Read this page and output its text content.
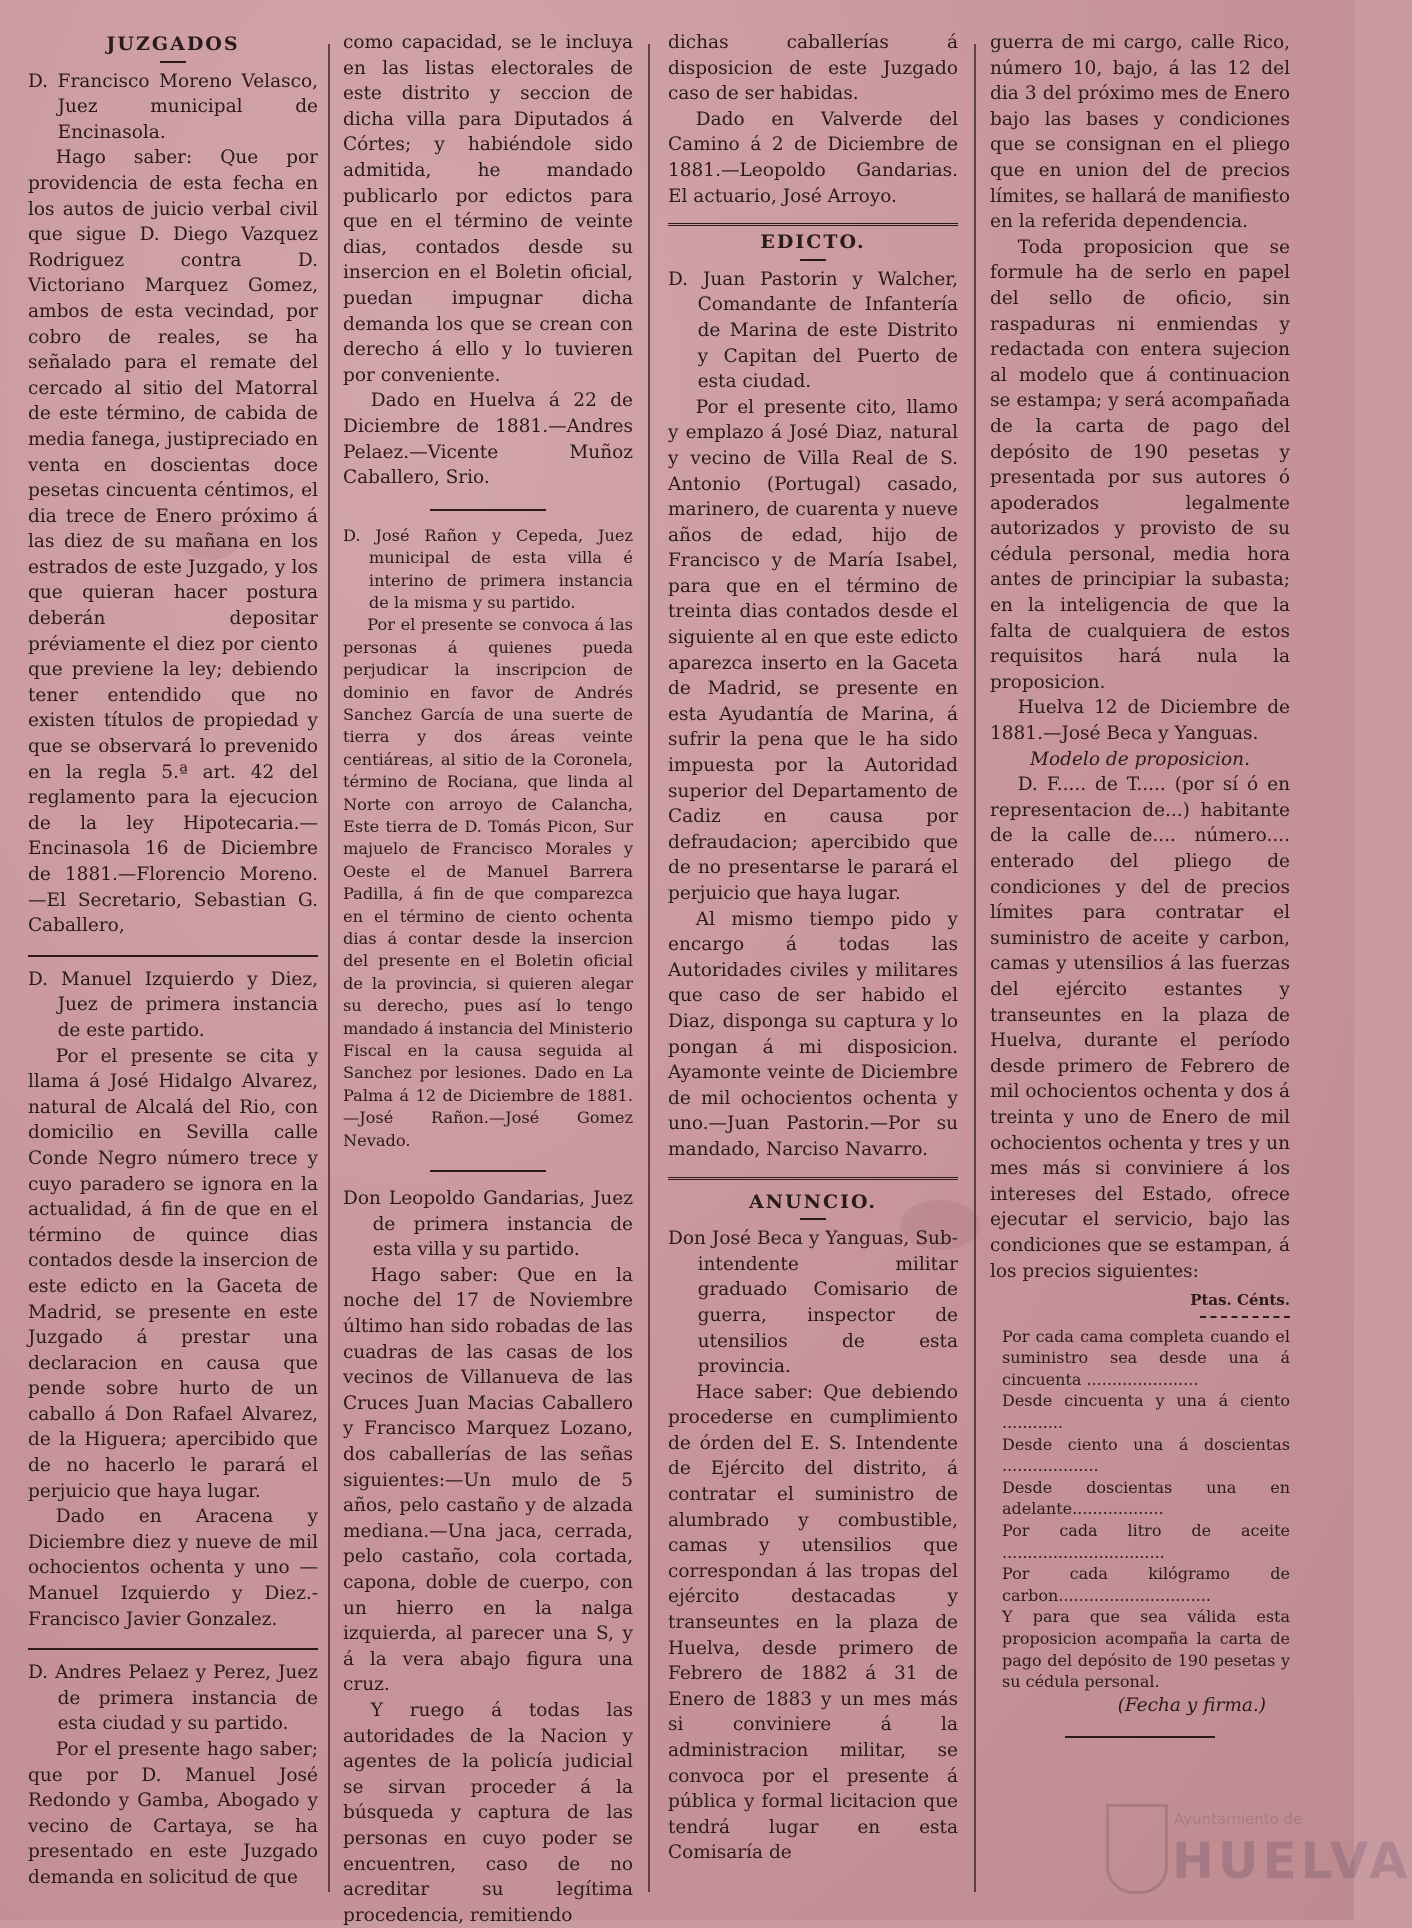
JUZGADOS
D. Francisco Moreno Velasco, Juez municipal de Encinasola.

Hago saber: Que por providencia de esta fecha en los autos de juicio verbal civil que sigue D. Diego Vazquez Rodriguez contra D. Victoriano Marquez Gomez, ambos de esta vecindad, por cobro de reales, se ha señalado para el remate del cercado al sitio del Matorral de este término, de cabida de media fanega, justipreciado en venta en doscientas doce pesetas cincuenta céntimos, el dia trece de Enero próximo á las diez de su mañana en los estrados de este Juzgado, y los que quieran hacer postura deberán depositar préviamente el diez por ciento que previene la ley; debiendo tener entendido que no existen títulos de propiedad y que se observará lo prevenido en la regla 5.ª art. 42 del reglamento para la ejecucion de la ley Hipotecaria.—Encinasola 16 de Diciembre de 1881.—Florencio Moreno.—El Secretario, Sebastian G. Caballero,

D. Manuel Izquierdo y Diez, Juez de primera instancia de este partido.

Por el presente se cita y llama á José Hidalgo Alvarez, natural de Alcalá del Rio, con domicilio en Sevilla calle Conde Negro número trece y cuyo paradero se ignora en la actualidad, á fin de que en el término de quince dias contados desde la insercion de este edicto en la Gaceta de Madrid, se presente en este Juzgado á prestar una declaracion en causa que pende sobre hurto de un caballo á Don Rafael Alvarez, de la Higuera; apercibido que de no hacerlo le parará el perjuicio que haya lugar.

Dado en Aracena y Diciembre diez y nueve de mil ochocientos ochenta y uno —Manuel Izquierdo y Diez.- Francisco Javier Gonzalez.

D. Andres Pelaez y Perez, Juez de primera instancia de esta ciudad y su partido.

Por el presente hago saber; que por D. Manuel José Redondo y Gamba, Abogado y vecino de Cartaya, se ha presentado en este Juzgado demanda en solicitud de que

como capacidad, se le incluya en las listas electorales de este distrito y seccion de dicha villa para Diputados á Córtes; y habiéndole sido admitida, he mandado publicarlo por edictos para que en el término de veinte dias, contados desde su insercion en el Boletin oficial, puedan impugnar dicha demanda los que se crean con derecho á ello y lo tuvieren por conveniente.

Dado en Huelva á 22 de Diciembre de 1881.—Andres Pelaez.—Vicente Muñoz Caballero, Srio.

D. José Rañon y Cepeda, Juez municipal de esta villa é interino de primera instancia de la misma y su partido.

Por el presente se convoca á las personas á quienes pueda perjudicar la inscripcion de dominio en favor de Andrés Sanchez García de una suerte de tierra y dos áreas veinte centiáreas, al sitio de la Coronela, término de Rociana, que linda al Norte con arroyo de Calancha, Este tierra de D. Tomás Picon, Sur majuelo de Francisco Morales y Oeste el de Manuel Barrera Padilla, á fin de que comparezca en el término de ciento ochenta dias á contar desde la insercion del presente en el Boletin oficial de la provincia, si quieren alegar su derecho, pues así lo tengo mandado á instancia del Ministerio Fiscal en la causa seguida al Sanchez por lesiones. Dado en La Palma á 12 de Diciembre de 1881.—José Rañon.—José Gomez Nevado.

Don Leopoldo Gandarias, Juez de primera instancia de esta villa y su partido.

Hago saber: Que en la noche del 17 de Noviembre último han sido robadas de las cuadras de las casas de los vecinos de Villanueva de las Cruces Juan Macias Caballero y Francisco Marquez Lozano, dos caballerías de las señas siguientes:—Un mulo de 5 años, pelo castaño y de alzada mediana.—Una jaca, cerrada, pelo castaño, cola cortada, capona, doble de cuerpo, con un hierro en la nalga izquierda, al parecer una S, y á la vera abajo figura una cruz.

Y ruego á todas las autoridades de la Nacion y agentes de la policía judicial se sirvan proceder á la búsqueda y captura de las personas en cuyo poder se encuentren, caso de no acreditar su legítima procedencia, remitiendo

dichas caballerías á disposicion de este Juzgado caso de ser habidas.

Dado en Valverde del Camino á 2 de Diciembre de 1881.—Leopoldo Gandarias. El actuario, José Arroyo.

EDICTO.
D. Juan Pastorin y Walcher, Comandante de Infantería de Marina de este Distrito y Capitan del Puerto de esta ciudad.

Por el presente cito, llamo y emplazo á José Diaz, natural y vecino de Villa Real de S. Antonio (Portugal) casado, marinero, de cuarenta y nueve años de edad, hijo de Francisco y de María Isabel, para que en el término de treinta dias contados desde el siguiente al en que este edicto aparezca inserto en la Gaceta de Madrid, se presente en esta Ayudantía de Marina, á sufrir la pena que le ha sido impuesta por la Autoridad superior del Departamento de Cadiz en causa por defraudacion; apercibido que de no presentarse le parará el perjuicio que haya lugar.

Al mismo tiempo pido y encargo á todas las Autoridades civiles y militares que caso de ser habido el Diaz, disponga su captura y lo pongan á mi disposicion. Ayamonte veinte de Diciembre de mil ochocientos ochenta y uno.—Juan Pastorin.—Por su mandado, Narciso Navarro.

ANUNCIO.
Don José Beca y Yanguas, Sub-intendente militar graduado Comisario de guerra, inspector de utensilios de esta provincia.

Hace saber: Que debiendo procederse en cumplimiento de órden del E. S. Intendente de Ejército del distrito, á contratar el suministro de alumbrado y combustible, camas y utensilios que correspondan á las tropas del ejército destacadas y transeuntes en la plaza de Huelva, desde primero de Febrero de 1882 á 31 de Enero de 1883 y un mes más si conviniere á la administracion militar, se convoca por el presente á pública y formal licitacion que tendrá lugar en esta Comisaría de

guerra de mi cargo, calle Rico, número 10, bajo, á las 12 del dia 3 del próximo mes de Enero bajo las bases y condiciones que se consignan en el pliego que en union del de precios límites, se hallará de manifiesto en la referida dependencia.

Toda proposicion que se formule ha de serlo en papel del sello de oficio, sin raspaduras ni enmiendas y redactada con entera sujecion al modelo que á continuacion se estampa; y será acompañada de la carta de pago del depósito de 190 pesetas y presentada por sus autores ó apoderados legalmente autorizados y provisto de su cédula personal, media hora antes de principiar la subasta; en la inteligencia de que la falta de cualquiera de estos requisitos hará nula la proposicion.

Huelva 12 de Diciembre de 1881.—José Beca y Yanguas.

Modelo de proposicion.

D. F..... de T..... (por sí ó en representacion de...) habitante de la calle de.... número.... enterado del pliego de condiciones y del de precios límites para contratar el suministro de aceite y carbon, camas y utensilios á las fuerzas del ejército estantes y transeuntes en la plaza de Huelva, durante el período desde primero de Febrero de mil ochocientos ochenta y dos á treinta y uno de Enero de mil ochocientos ochenta y tres y un mes más si conviniere á los intereses del Estado, ofrece ejecutar el servicio, bajo las condiciones que se estampan, á los precios siguientes:

Ptas. Cénts.
Por cada cama completa cuando el suministro sea desde una á cincuenta ......................
Desde cincuenta y una á ciento ............
Desde ciento una á doscientas ...................
Desde doscientas una en adelante..................
Por cada litro de aceite ................................
Por cada kilógramo de carbon..............................
Y para que sea válida esta proposicion acompaña la carta de pago del depósito de 190 pesetas y su cédula personal.
(Fecha y firma.)
Ayuntamiento de
HUELVA
